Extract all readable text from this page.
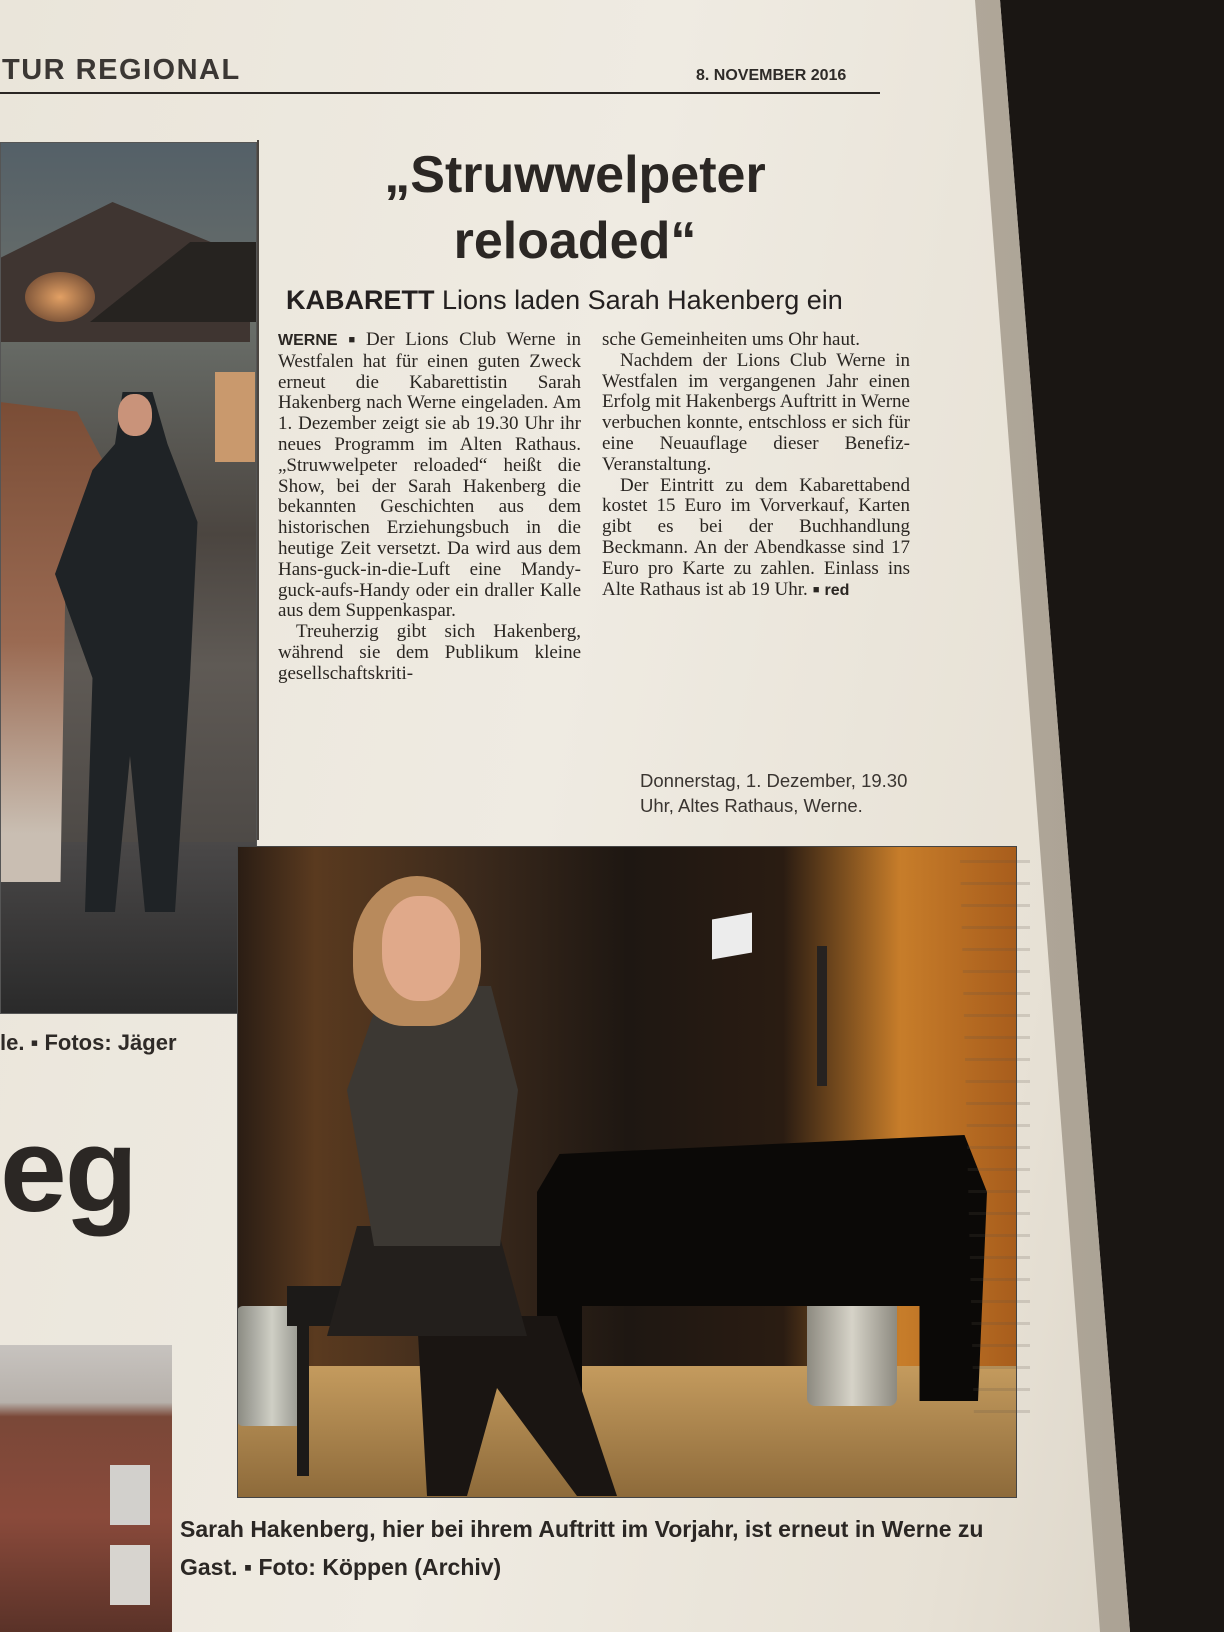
TUR REGIONAL	8. NOVEMBER 2016
le. ▪ Fotos: Jäger
eg
„Struwwelpeter reloaded“
KABARETT Lions laden Sarah Hakenberg ein

WERNE ■ Der Lions Club Werne in Westfalen hat für einen guten Zweck erneut die Kabarettistin Sarah Hakenberg nach Werne eingeladen. Am 1. Dezember zeigt sie ab 19.30 Uhr ihr neues Programm im Alten Rathaus. „Struwwelpeter reloaded“ heißt die Show, bei der Sarah Hakenberg die bekannten Geschichten aus dem historischen Erziehungsbuch in die heutige Zeit versetzt. Da wird aus dem Hans-guck-in-die-Luft eine Mandy-guck-aufs-Handy oder ein draller Kalle aus dem Suppenkaspar.

Treuherzig gibt sich Hakenberg, während sie dem Publikum kleine gesellschaftskriti-

sche Gemeinheiten ums Ohr haut.

Nachdem der Lions Club Werne in Westfalen im vergangenen Jahr einen Erfolg mit Hakenbergs Auftritt in Werne verbuchen konnte, entschloss er sich für eine Neuauflage dieser Benefiz-Veranstaltung.

Der Eintritt zu dem Kabarettabend kostet 15 Euro im Vorverkauf, Karten gibt es bei der Buchhandlung Beckmann. An der Abendkasse sind 17 Euro pro Karte zu zahlen. Einlass ins Alte Rathaus ist ab 19 Uhr. ■ red

Donnerstag, 1. Dezember, 19.30 Uhr, Altes Rathaus, Werne.
Sarah Hakenberg, hier bei ihrem Auftritt im Vorjahr, ist erneut in Werne zu Gast. ▪ Foto: Köppen (Archiv)
